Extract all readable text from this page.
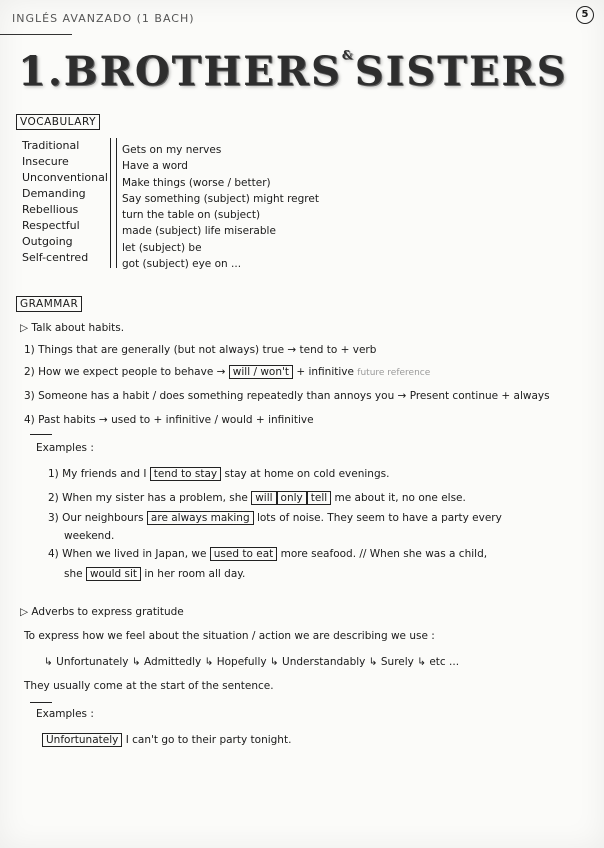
INGLÉS AVANZADO (1 BACH)	5
1.BROTHERS&SISTERS
VOCABULARY
Traditional
Insecure
Unconventional
Demanding
Rebellious
Respectful
Outgoing
Self-centred
Gets on my nerves
Have a word
Make things (worse / better)
Say something (subject) might regret
turn the table on (subject)
made (subject) life miserable
let (subject) be
got (subject) eye on ...
GRAMMAR
▷ Talk about habits.
1) Things that are generally (but not always) true → tend to + verb
2) How we expect people to behave → will / won't + infinitive future reference
3) Someone has a habit / does something repeatedly than annoys you → Present continue + always
4) Past habits → used to + infinitive / would + infinitive
Examples :
1) My friends and I tend to stay stay at home on cold evenings.
2) When my sister has a problem, she will only tell me about it, no one else.
3) Our neighbours are always making lots of noise. They seem to have a party every
weekend.
4) When we lived in Japan, we used to eat more seafood. // When she was a child,
she would sit in her room all day.
▷ Adverbs to express gratitude
To express how we feel about the situation / action we are describing we use :
↳ Unfortunately ↳ Admittedly ↳ Hopefully ↳ Understandably ↳ Surely ↳ etc ...
They usually come at the start of the sentence.
Examples :
Unfortunately I can't go to their party tonight.
